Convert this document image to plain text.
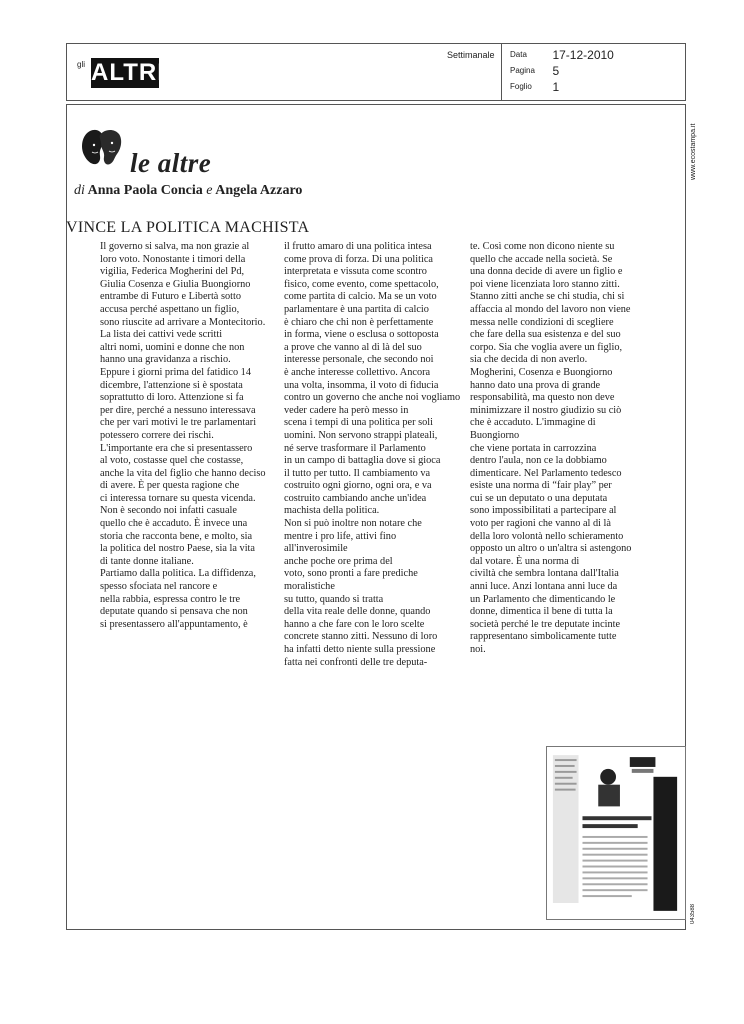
gli ALTRI
Settimanale Data 17-12-2010
Pagina 5
Foglio 1
www.ecostampa.it
043588
le altre
di Anna Paola Concia e Angela Azzaro
VINCE LA POLITICA MACHISTA

Il governo si salva, ma non grazie al
loro voto. Nonostante i timori della
vigilia, Federica Mogherini del Pd,
Giulia Cosenza e Giulia Buongiorno
entrambe di Futuro e Libertà sotto
accusa perché aspettano un figlio,
sono riuscite ad arrivare a Montecitorio.
La lista dei cattivi vede scritti
altri nomi, uomini e donne che non
hanno una gravidanza a rischio.
Eppure i giorni prima del fatidico 14
dicembre, l'attenzione si è spostata
soprattutto di loro. Attenzione si fa
per dire, perché a nessuno interessava
che per vari motivi le tre parlamentari
potessero correre dei rischi.
L'importante era che si presentassero
al voto, costasse quel che costasse,
anche la vita del figlio che hanno deciso
di avere. È per questa ragione che
ci interessa tornare su questa vicenda.
Non è secondo noi infatti casuale
quello che è accaduto. È invece una
storia che racconta bene, e molto, sia
la politica del nostro Paese, sia la vita
di tante donne italiane.
Partiamo dalla politica. La diffidenza,
spesso sfociata nel rancore e
nella rabbia, espressa contro le tre
deputate quando si pensava che non
si presentassero all'appuntamento, è

il frutto amaro di una politica intesa
come prova di forza. Di una politica
interpretata e vissuta come scontro
fisico, come evento, come spettacolo,
come partita di calcio. Ma se un voto
parlamentare è una partita di calcio
è chiaro che chi non è perfettamente
in forma, viene o esclusa o sottoposta
a prove che vanno al di là del suo
interesse personale, che secondo noi
è anche interesse collettivo. Ancora
una volta, insomma, il voto di fiducia
contro un governo che anche noi vogliamo
veder cadere ha però messo in
scena i tempi di una politica per soli
uomini. Non servono strappi plateali,
né serve trasformare il Parlamento
in un campo di battaglia dove si gioca
il tutto per tutto. Il cambiamento va
costruito ogni giorno, ogni ora, e va
costruito cambiando anche un'idea
machista della politica.
Non si può inoltre non notare che
mentre i pro life, attivi fino all'inverosimile
anche poche ore prima del
voto, sono pronti a fare prediche moralistiche
su tutto, quando si tratta
della vita reale delle donne, quando
hanno a che fare con le loro scelte
concrete stanno zitti. Nessuno di loro
ha infatti detto niente sulla pressione
fatta nei confronti delle tre deputa-

te. Così come non dicono niente su
quello che accade nella società. Se
una donna decide di avere un figlio e
poi viene licenziata loro stanno zitti.
Stanno zitti anche se chi studia, chi si
affaccia al mondo del lavoro non viene
messa nelle condizioni di scegliere
che fare della sua esistenza e del suo
corpo. Sia che voglia avere un figlio,
sia che decida di non averlo.
Mogherini, Cosenza e Buongiorno
hanno dato una prova di grande
responsabilità, ma questo non deve
minimizzare il nostro giudizio su ciò
che è accaduto. L'immagine di Buongiorno
che viene portata in carrozzina
dentro l'aula, non ce la dobbiamo
dimenticare. Nel Parlamento tedesco
esiste una norma di “fair play” per
cui se un deputato o una deputata
sono impossibilitati a partecipare al
voto per ragioni che vanno al di là
della loro volontà nello schieramento
opposto un altro o un'altra si astengono
dal votare. È una norma di
civiltà che sembra lontana dall'Italia
anni luce. Anzi lontana anni luce da
un Parlamento che dimenticando le
donne, dimentica il bene di tutta la
società perché le tre deputate incinte
rappresentano simbolicamente tutte
noi.
